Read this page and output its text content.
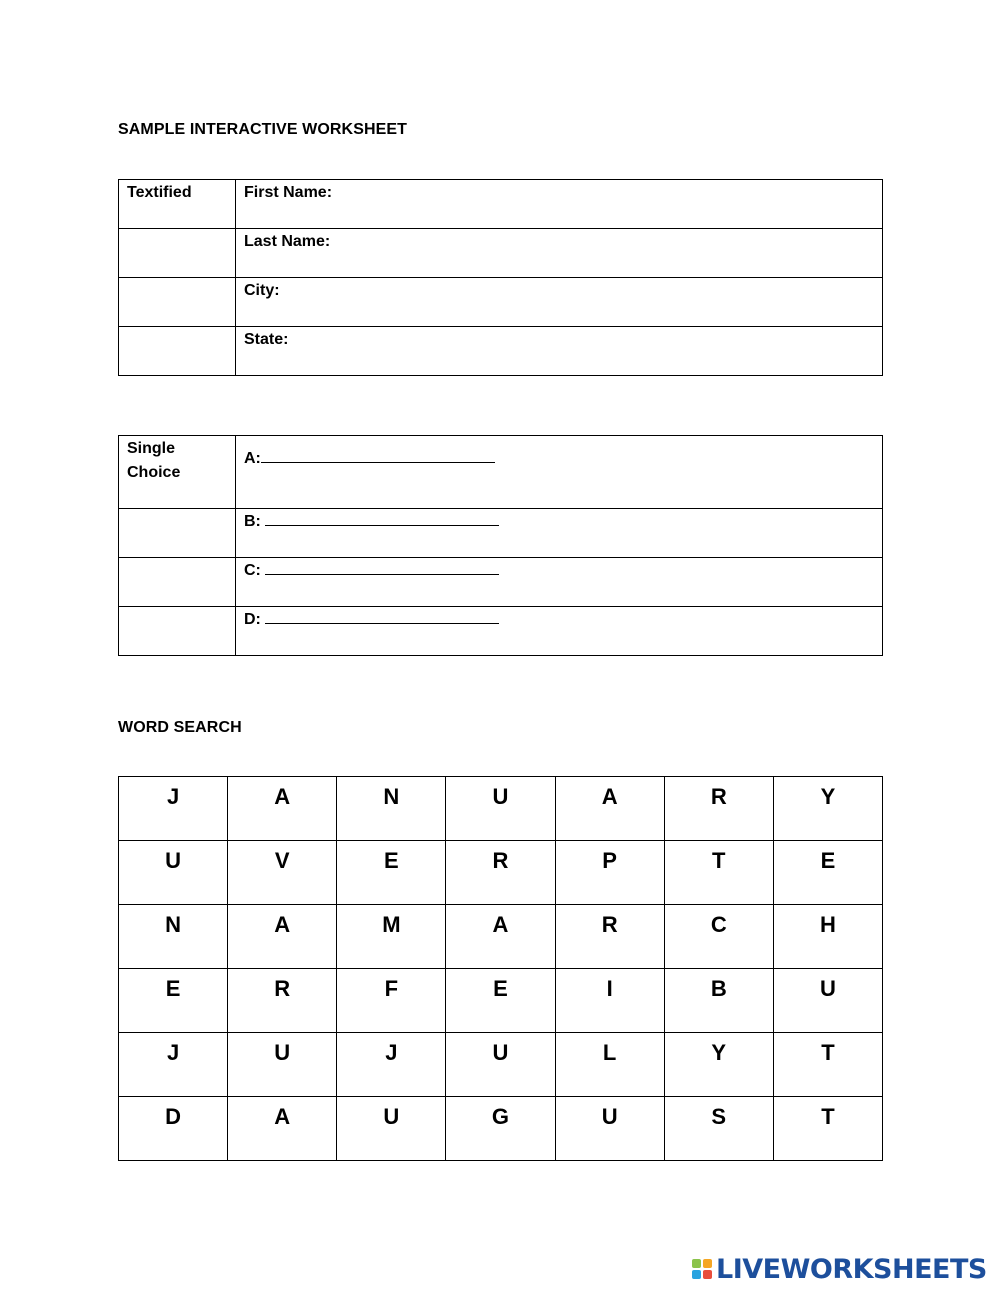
SAMPLE INTERACTIVE WORKSHEET
Textified	First Name:
	Last Name:
	City:
	State:
Single Choice	A:
	B:
	C:
	D:
WORD SEARCH
J	A	N	U	A	R	Y
U	V	E	R	P	T	E
N	A	M	A	R	C	H
E	R	F	E	I	B	U
J	U	J	U	L	Y	T
D	A	U	G	U	S	T
LIVEWORKSHEETS
